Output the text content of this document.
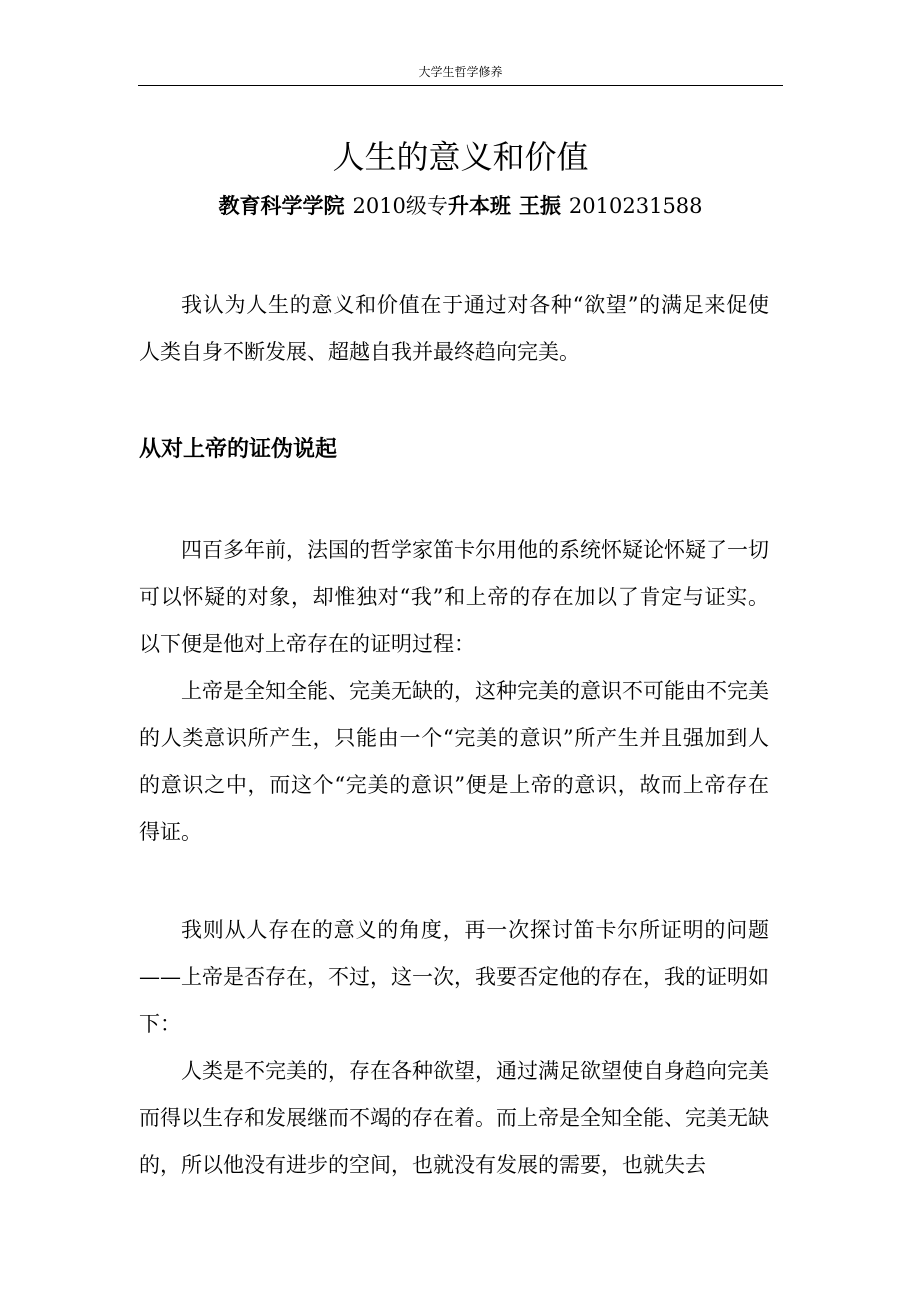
大学生哲学修养
人生的意义和价值
教育科学学院 2010级专升本班 王振 2010231588

我认为人生的意义和价值在于通过对各种“欲望”的满足来促使人类自身不断发展、超越自我并最终趋向完美。

从对上帝的证伪说起

四百多年前，法国的哲学家笛卡尔用他的系统怀疑论怀疑了一切可以怀疑的对象，却惟独对“我”和上帝的存在加以了肯定与证实。以下便是他对上帝存在的证明过程：

上帝是全知全能、完美无缺的，这种完美的意识不可能由不完美的人类意识所产生，只能由一个“完美的意识”所产生并且强加到人的意识之中，而这个“完美的意识”便是上帝的意识，故而上帝存在得证。

我则从人存在的意义的角度，再一次探讨笛卡尔所证明的问题——上帝是否存在，不过，这一次，我要否定他的存在，我的证明如下：

人类是不完美的，存在各种欲望，通过满足欲望使自身趋向完美而得以生存和发展继而不竭的存在着。而上帝是全知全能、完美无缺的，所以他没有进步的空间，也就没有发展的需要，也就失去
